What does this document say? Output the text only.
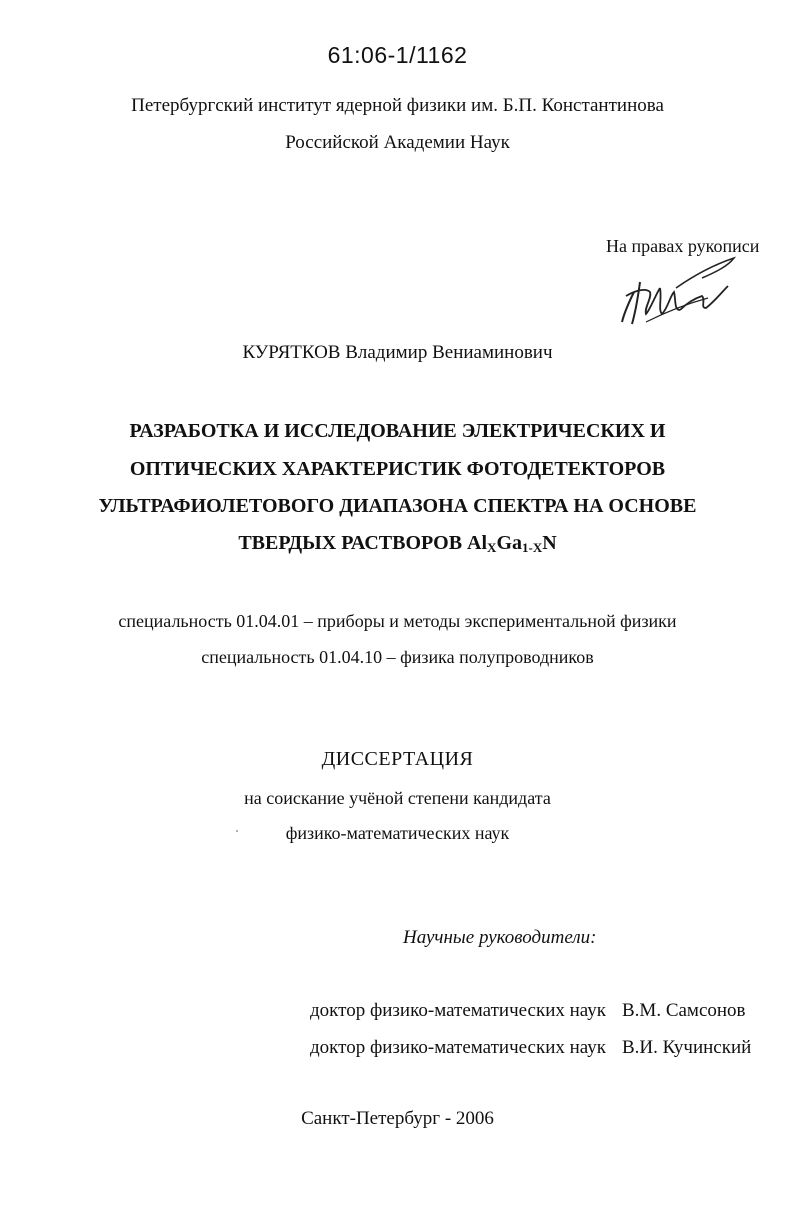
61:06-1/1162
Петербургский институт ядерной физики им. Б.П. Константинова
Российской Академии Наук
На правах рукописи
КУРЯТКОВ Владимир Вениаминович
РАЗРАБОТКА И ИССЛЕДОВАНИЕ ЭЛЕКТРИЧЕСКИХ И
ОПТИЧЕСКИХ ХАРАКТЕРИСТИК ФОТОДЕТЕКТОРОВ
УЛЬТРАФИОЛЕТОВОГО ДИАПАЗОНА СПЕКТРА НА ОСНОВЕ
ТВЕРДЫХ РАСТВОРОВ $Al_XGa_{1-X}N$
специальность 01.04.01 – приборы и методы экспериментальной физики
специальность 01.04.10 – физика полупроводников
ДИССЕРТАЦИЯ
на соискание учёной степени кандидата
физико-математических наук
Научные руководители:
доктор физико-математических наук В.М. Самсонов
доктор физико-математических наук В.И. Кучинский
Санкт-Петербург - 2006
